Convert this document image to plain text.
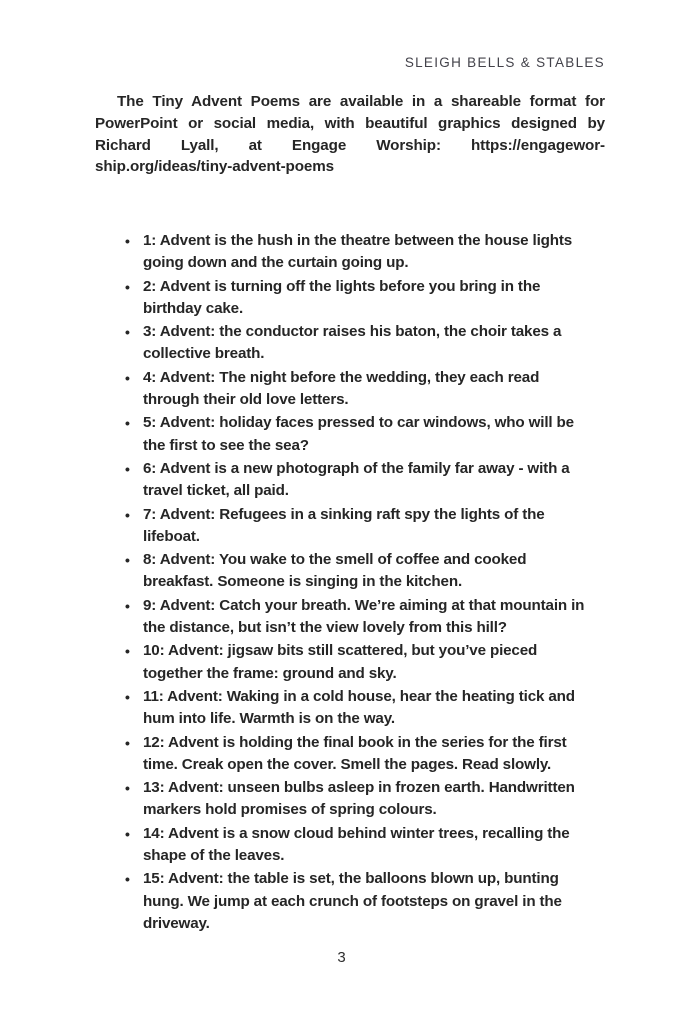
SLEIGH BELLS & STABLES

The Tiny Advent Poems are available in a shareable format for PowerPoint or social media, with beautiful graphics designed by Richard Lyall, at Engage Worship: https://engagewor-ship.org/ideas/tiny-advent-poems

• 1: Advent is the hush in the theatre between the house lights going down and the curtain going up.
• 2: Advent is turning off the lights before you bring in the birthday cake.
• 3: Advent: the conductor raises his baton, the choir takes a collective breath.
• 4: Advent: The night before the wedding, they each read through their old love letters.
• 5: Advent: holiday faces pressed to car windows, who will be the first to see the sea?
• 6: Advent is a new photograph of the family far away - with a travel ticket, all paid.
• 7: Advent: Refugees in a sinking raft spy the lights of the lifeboat.
• 8: Advent: You wake to the smell of coffee and cooked breakfast. Someone is singing in the kitchen.
• 9: Advent: Catch your breath. We’re aiming at that mountain in the distance, but isn’t the view lovely from this hill?
• 10: Advent: jigsaw bits still scattered, but you’ve pieced together the frame: ground and sky.
• 11: Advent: Waking in a cold house, hear the heating tick and hum into life. Warmth is on the way.
• 12: Advent is holding the final book in the series for the first time. Creak open the cover. Smell the pages. Read slowly.
• 13: Advent: unseen bulbs asleep in frozen earth. Handwritten markers hold promises of spring colours.
• 14: Advent is a snow cloud behind winter trees, recalling the shape of the leaves.
• 15: Advent: the table is set, the balloons blown up, bunting hung. We jump at each crunch of footsteps on gravel in the driveway.
3
